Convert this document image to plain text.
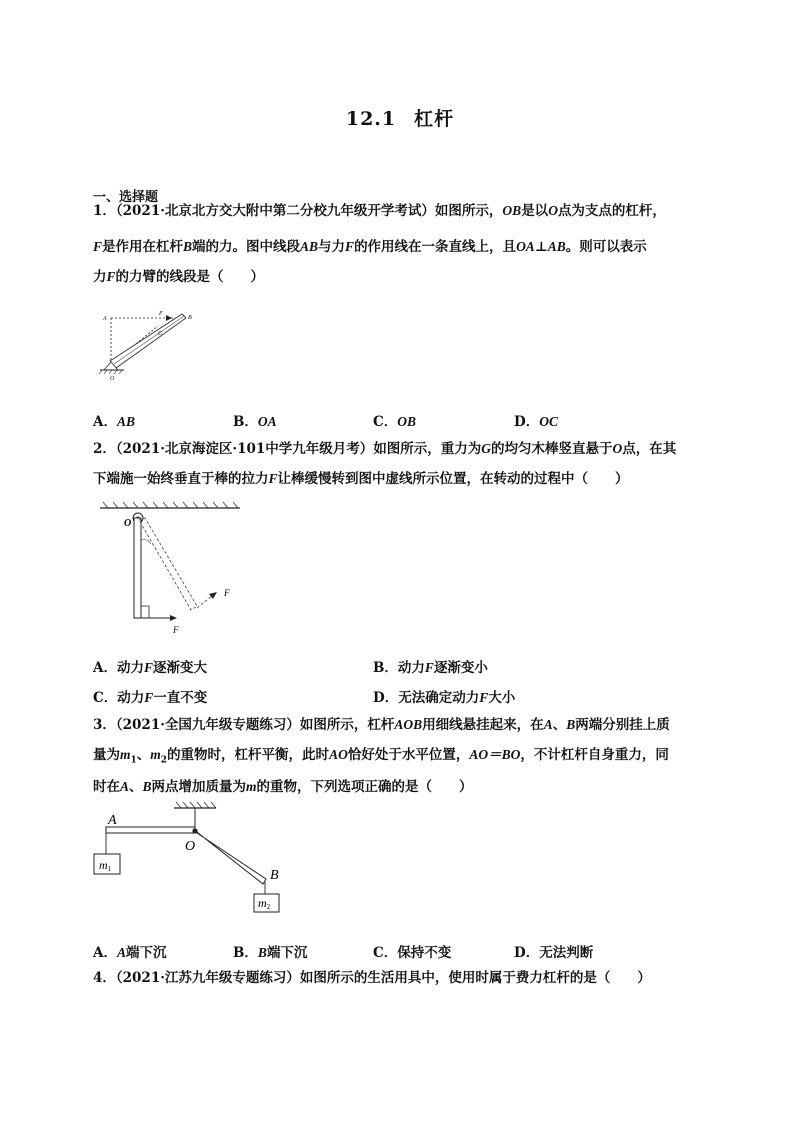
12.1 杠杆
一、选择题
1．（2021·北京北方交大附中第二分校九年级开学考试）如图所示，OB是以O点为支点的杠杆，
F是作用在杠杆B端的力。图中线段AB与力F的作用线在一条直线上，且OA⊥AB。则可以表示
力F的力臂的线段是（　　）
A
F
B
C
O
A．AB	B．OA	C．OB	D．OC
2．（2021·北京海淀区·101中学九年级月考）如图所示，重力为G的均匀木棒竖直悬于O点，在其
下端施一始终垂直于棒的拉力F让棒缓慢转到图中虚线所示位置，在转动的过程中（　　）
O
F
F
A．动力F逐渐变大	B．动力F逐渐变小
C．动力F一直不变	D．无法确定动力F大小
3．（2021·全国九年级专题练习）如图所示，杠杆AOB用细线悬挂起来，在A、B两端分别挂上质
量为$m_1$、$m_2$的重物时，杠杆平衡，此时AO恰好处于水平位置，AO＝BO，不计杠杆自身重力，同
时在A、B两点增加质量为m的重物，下列选项正确的是（　　）
A
O
B
m1
m2
A．A端下沉	B．B端下沉	C．保持不变	D．无法判断
4．（2021·江苏九年级专题练习）如图所示的生活用具中，使用时属于费力杠杆的是（　　）
